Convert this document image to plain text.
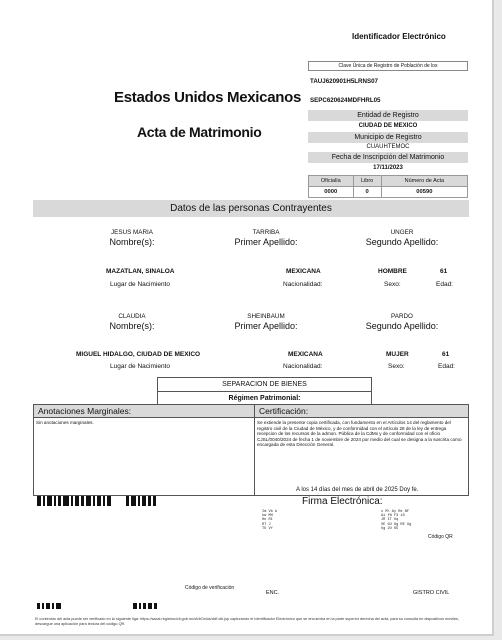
Identificador Electrónico
Clave Única de Registro de Población de los
TAUJ620901H5LRNS07
SEPC620624MDFHRL05
Estados Unidos Mexicanos
Acta de Matrimonio
Entidad de Registro
CIUDAD DE MEXICO
Municipio de Registro
CUAUHTEMOC
Fecha de Inscripción del Matrimonio
17/11/2023
Oficialía	Libro	Número de Acta
0000	0	00590
Datos de las personas Contrayentes
JESUS MARIA	TARRIBA	UNGER
Nombre(s):	Primer Apellido:	Segundo Apellido:
MAZATLAN, SINALOA	MEXICANA	HOMBRE	61
Lugar de Nacimiento	Nacionalidad:	Sexo:	Edad:
CLAUDIA	SHEINBAUM	PARDO
Nombre(s):	Primer Apellido:	Segundo Apellido:
MIGUEL HIDALGO, CIUDAD DE MEXICO	MEXICANA	MUJER	61
Lugar de Nacimiento	Nacionalidad:	Sexo:	Edad:
SEPARACION DE BIENES
Régimen Patrimonial:
Anotaciones Marginales:
Sin anotaciones marginales.
Certificación:
Se extiende la presente copia certificada, con fundamento en el Artículos 14 del reglamento del registro civil de la Ciudad de México, y de conformidad con el artículo 28 de la ley de entrega recepcion de los recursos de la admon. Pública de la CdMx y de conformidad con el oficio CJSL/0040/2024 de fecha 1 de noviembre de 2024 por medio del cual se designa a la suscrita como encargada de esta Dirección General.
A los 14 días del mes de abril de 2025 Doy fe.
Firma Electrónica:
Im Vb b
kw MH
Hn RI
RT J
TU VY
x M\ Ay Re NF
Ai fN F3 iD
JR IT Uq
VE GU Gg RE Ug
Ug 2U S5
Código QR
Código de verificación
ENC.	GISTRO CIVIL
El contenido del acta puede ser verificado en la siguiente liga: https://sacal.registrocivil.gob.mx/ArbOnlus/ddf.vtb.jsp capturando el Identificador Electrónico que se encuentra en la parte superior derecha del acta, para su consulta en dispositivos móviles, descargue una aplicación para lectura del código QR.
